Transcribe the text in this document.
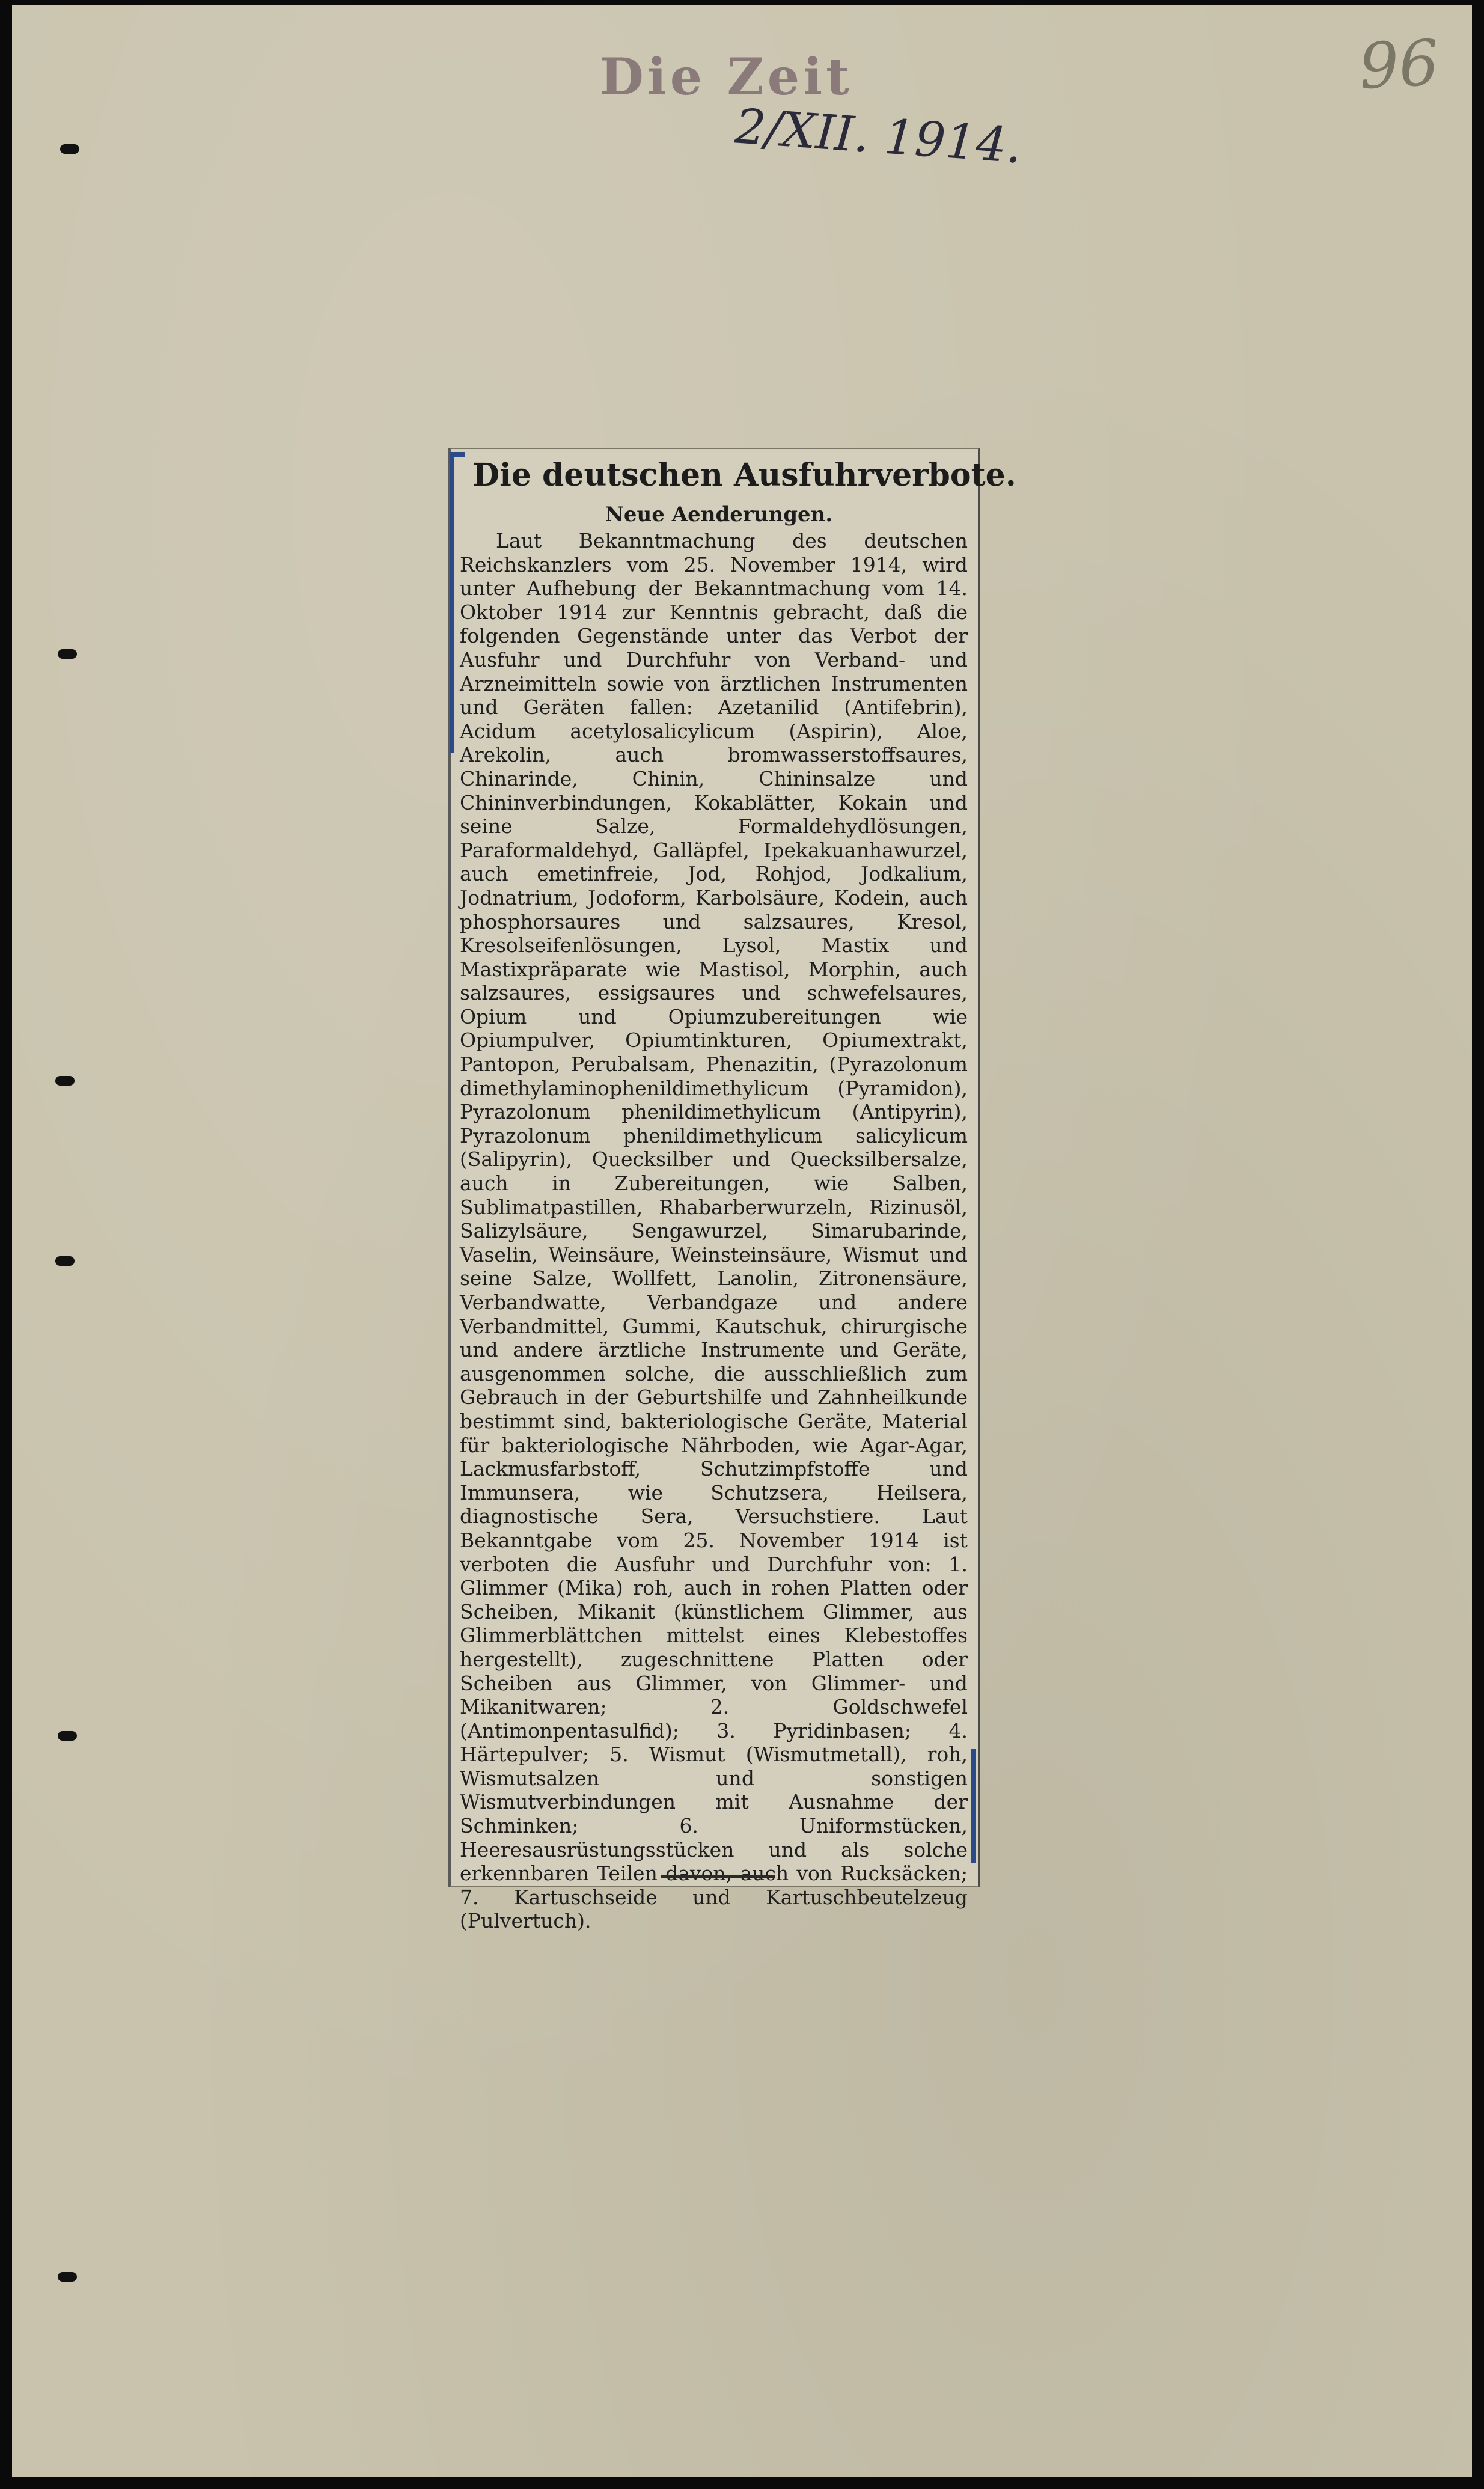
Die Zeit
2/XII. 1914.
96
Die deutschen Ausfuhrverbote.
Neue Aenderungen.

Laut Bekanntmachung des deutschen Reichskanzlers vom 25. November 1914, wird unter Aufhebung der Bekanntmachung vom 14. Oktober 1914 zur Kenntnis gebracht, daß die folgenden Gegenstände unter das Verbot der Ausfuhr und Durchfuhr von Verband- und Arzneimitteln sowie von ärztlichen Instrumenten und Geräten fallen: Azetanilid (Antifebrin), Acidum acetylosalicylicum (Aspirin), Aloe, Arekolin, auch bromwasserstoffsaures, Chinarinde, Chinin, Chininsalze und Chininverbindungen, Kokablätter, Kokain und seine Salze, Formaldehydlösungen, Paraformaldehyd, Galläpfel, Ipekakuanhawurzel, auch emetinfreie, Jod, Rohjod, Jodkalium, Jodnatrium, Jodoform, Karbolsäure, Kodein, auch phosphorsaures und salzsaures, Kresol, Kresolseifenlösungen, Lysol, Mastix und Mastixpräparate wie Mastisol, Morphin, auch salzsaures, essigsaures und schwefelsaures, Opium und Opiumzubereitungen wie Opiumpulver, Opiumtinkturen, Opiumextrakt, Pantopon, Perubalsam, Phenazitin, (Pyrazolonum dimethylaminophenildimethylicum (Pyramidon), Pyrazolonum phenildimethylicum (Antipyrin), Pyrazolonum phenildimethylicum salicylicum (Salipyrin), Quecksilber und Quecksilbersalze, auch in Zubereitungen, wie Salben, Sublimatpastillen, Rhabarberwurzeln, Rizinusöl, Salizylsäure, Sengawurzel, Simarubarinde, Vaselin, Weinsäure, Weinsteinsäure, Wismut und seine Salze, Wollfett, Lanolin, Zitronensäure, Verbandwatte, Verbandgaze und andere Verbandmittel, Gummi, Kautschuk, chirurgische und andere ärztliche Instrumente und Geräte, ausgenommen solche, die ausschließlich zum Gebrauch in der Geburtshilfe und Zahnheilkunde bestimmt sind, bakteriologische Geräte, Material für bakteriologische Nährboden, wie Agar-Agar, Lackmusfarbstoff, Schutzimpfstoffe und Immunsera, wie Schutzsera, Heilsera, diagnostische Sera, Versuchstiere. Laut Bekanntgabe vom 25. November 1914 ist verboten die Ausfuhr und Durchfuhr von: 1. Glimmer (Mika) roh, auch in rohen Platten oder Scheiben, Mikanit (künstlichem Glimmer, aus Glimmerblättchen mittelst eines Klebestoffes hergestellt), zugeschnittene Platten oder Scheiben aus Glimmer, von Glimmer- und Mikanitwaren; 2. Goldschwefel (Antimonpentasulfid); 3. Pyridinbasen; 4. Härtepulver; 5. Wismut (Wismutmetall), roh, Wismutsalzen und sonstigen Wismutverbindungen mit Ausnahme der Schminken; 6. Uniformstücken, Heeresausrüstungsstücken und als solche erkennbaren Teilen davon, auch von Rucksäcken; 7. Kartuschseide und Kartuschbeutelzeug (Pulvertuch).
